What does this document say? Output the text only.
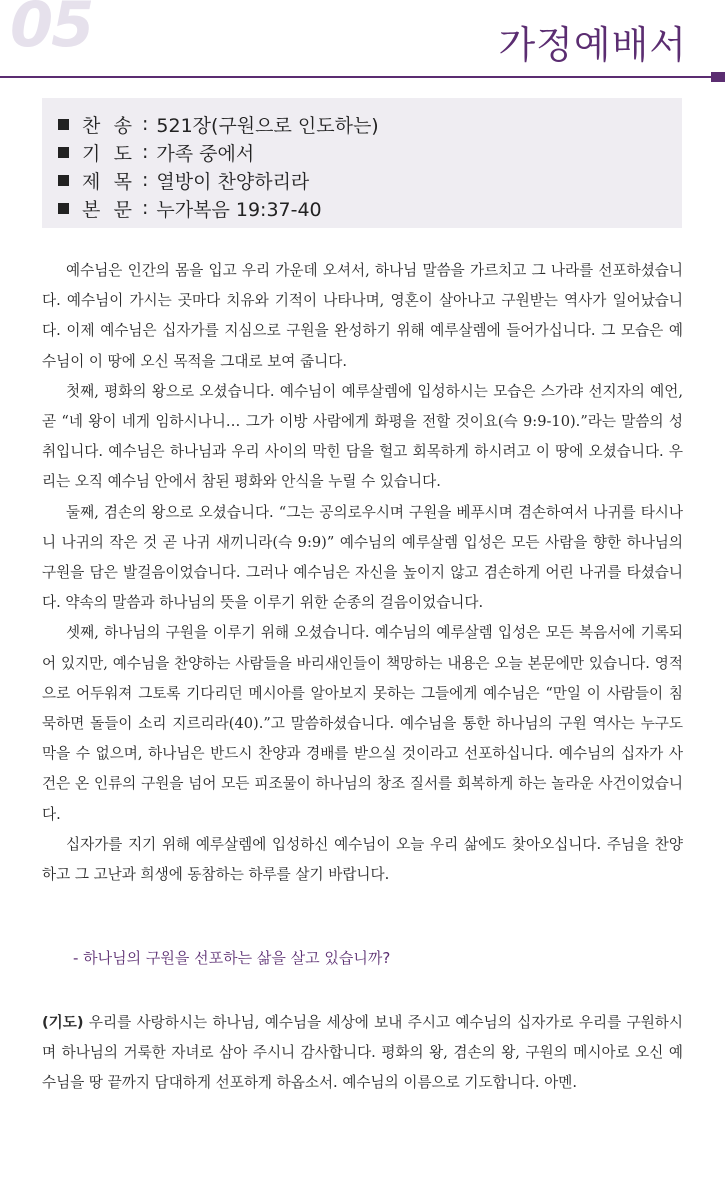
05	가정예배서
찬 송 : 521장(구원으로 인도하는)
기 도 : 가족 중에서
제 목 : 열방이 찬양하리라
본 문 : 누가복음 19:37-40

예수님은 인간의 몸을 입고 우리 가운데 오셔서, 하나님 말씀을 가르치고 그 나라를 선포하셨습니다. 예수님이 가시는 곳마다 치유와 기적이 나타나며, 영혼이 살아나고 구원받는 역사가 일어났습니다. 이제 예수님은 십자가를 지심으로 구원을 완성하기 위해 예루살렘에 들어가십니다. 그 모습은 예수님이 이 땅에 오신 목적을 그대로 보여 줍니다.

첫째, 평화의 왕으로 오셨습니다. 예수님이 예루살렘에 입성하시는 모습은 스가랴 선지자의 예언, 곧 “네 왕이 네게 임하시나니… 그가 이방 사람에게 화평을 전할 것이요(슥 9:9-10).”라는 말씀의 성취입니다. 예수님은 하나님과 우리 사이의 막힌 담을 헐고 회목하게 하시려고 이 땅에 오셨습니다. 우리는 오직 예수님 안에서 참된 평화와 안식을 누릴 수 있습니다.

둘째, 겸손의 왕으로 오셨습니다. “그는 공의로우시며 구원을 베푸시며 겸손하여서 나귀를 타시나니 나귀의 작은 것 곧 나귀 새끼니라(슥 9:9)” 예수님의 예루살렘 입성은 모든 사람을 향한 하나님의 구원을 담은 발걸음이었습니다. 그러나 예수님은 자신을 높이지 않고 겸손하게 어린 나귀를 타셨습니다. 약속의 말씀과 하나님의 뜻을 이루기 위한 순종의 걸음이었습니다.

셋째, 하나님의 구원을 이루기 위해 오셨습니다. 예수님의 예루살렘 입성은 모든 복음서에 기록되어 있지만, 예수님을 찬양하는 사람들을 바리새인들이 책망하는 내용은 오늘 본문에만 있습니다. 영적으로 어두워져 그토록 기다리던 메시아를 알아보지 못하는 그들에게 예수님은 “만일 이 사람들이 침묵하면 돌들이 소리 지르리라(40).”고 말씀하셨습니다. 예수님을 통한 하나님의 구원 역사는 누구도 막을 수 없으며, 하나님은 반드시 찬양과 경배를 받으실 것이라고 선포하십니다. 예수님의 십자가 사건은 온 인류의 구원을 넘어 모든 피조물이 하나님의 창조 질서를 회복하게 하는 놀라운 사건이었습니다.

십자가를 지기 위해 예루살렘에 입성하신 예수님이 오늘 우리 삶에도 찾아오십니다. 주님을 찬양하고 그 고난과 희생에 동참하는 하루를 살기 바랍니다.

- 하나님의 구원을 선포하는 삶을 살고 있습니까?
(기도) 우리를 사랑하시는 하나님, 예수님을 세상에 보내 주시고 예수님의 십자가로 우리를 구원하시며 하나님의 거룩한 자녀로 삼아 주시니 감사합니다. 평화의 왕, 겸손의 왕, 구원의 메시아로 오신 예수님을 땅 끝까지 담대하게 선포하게 하옵소서. 예수님의 이름으로 기도합니다. 아멘.
